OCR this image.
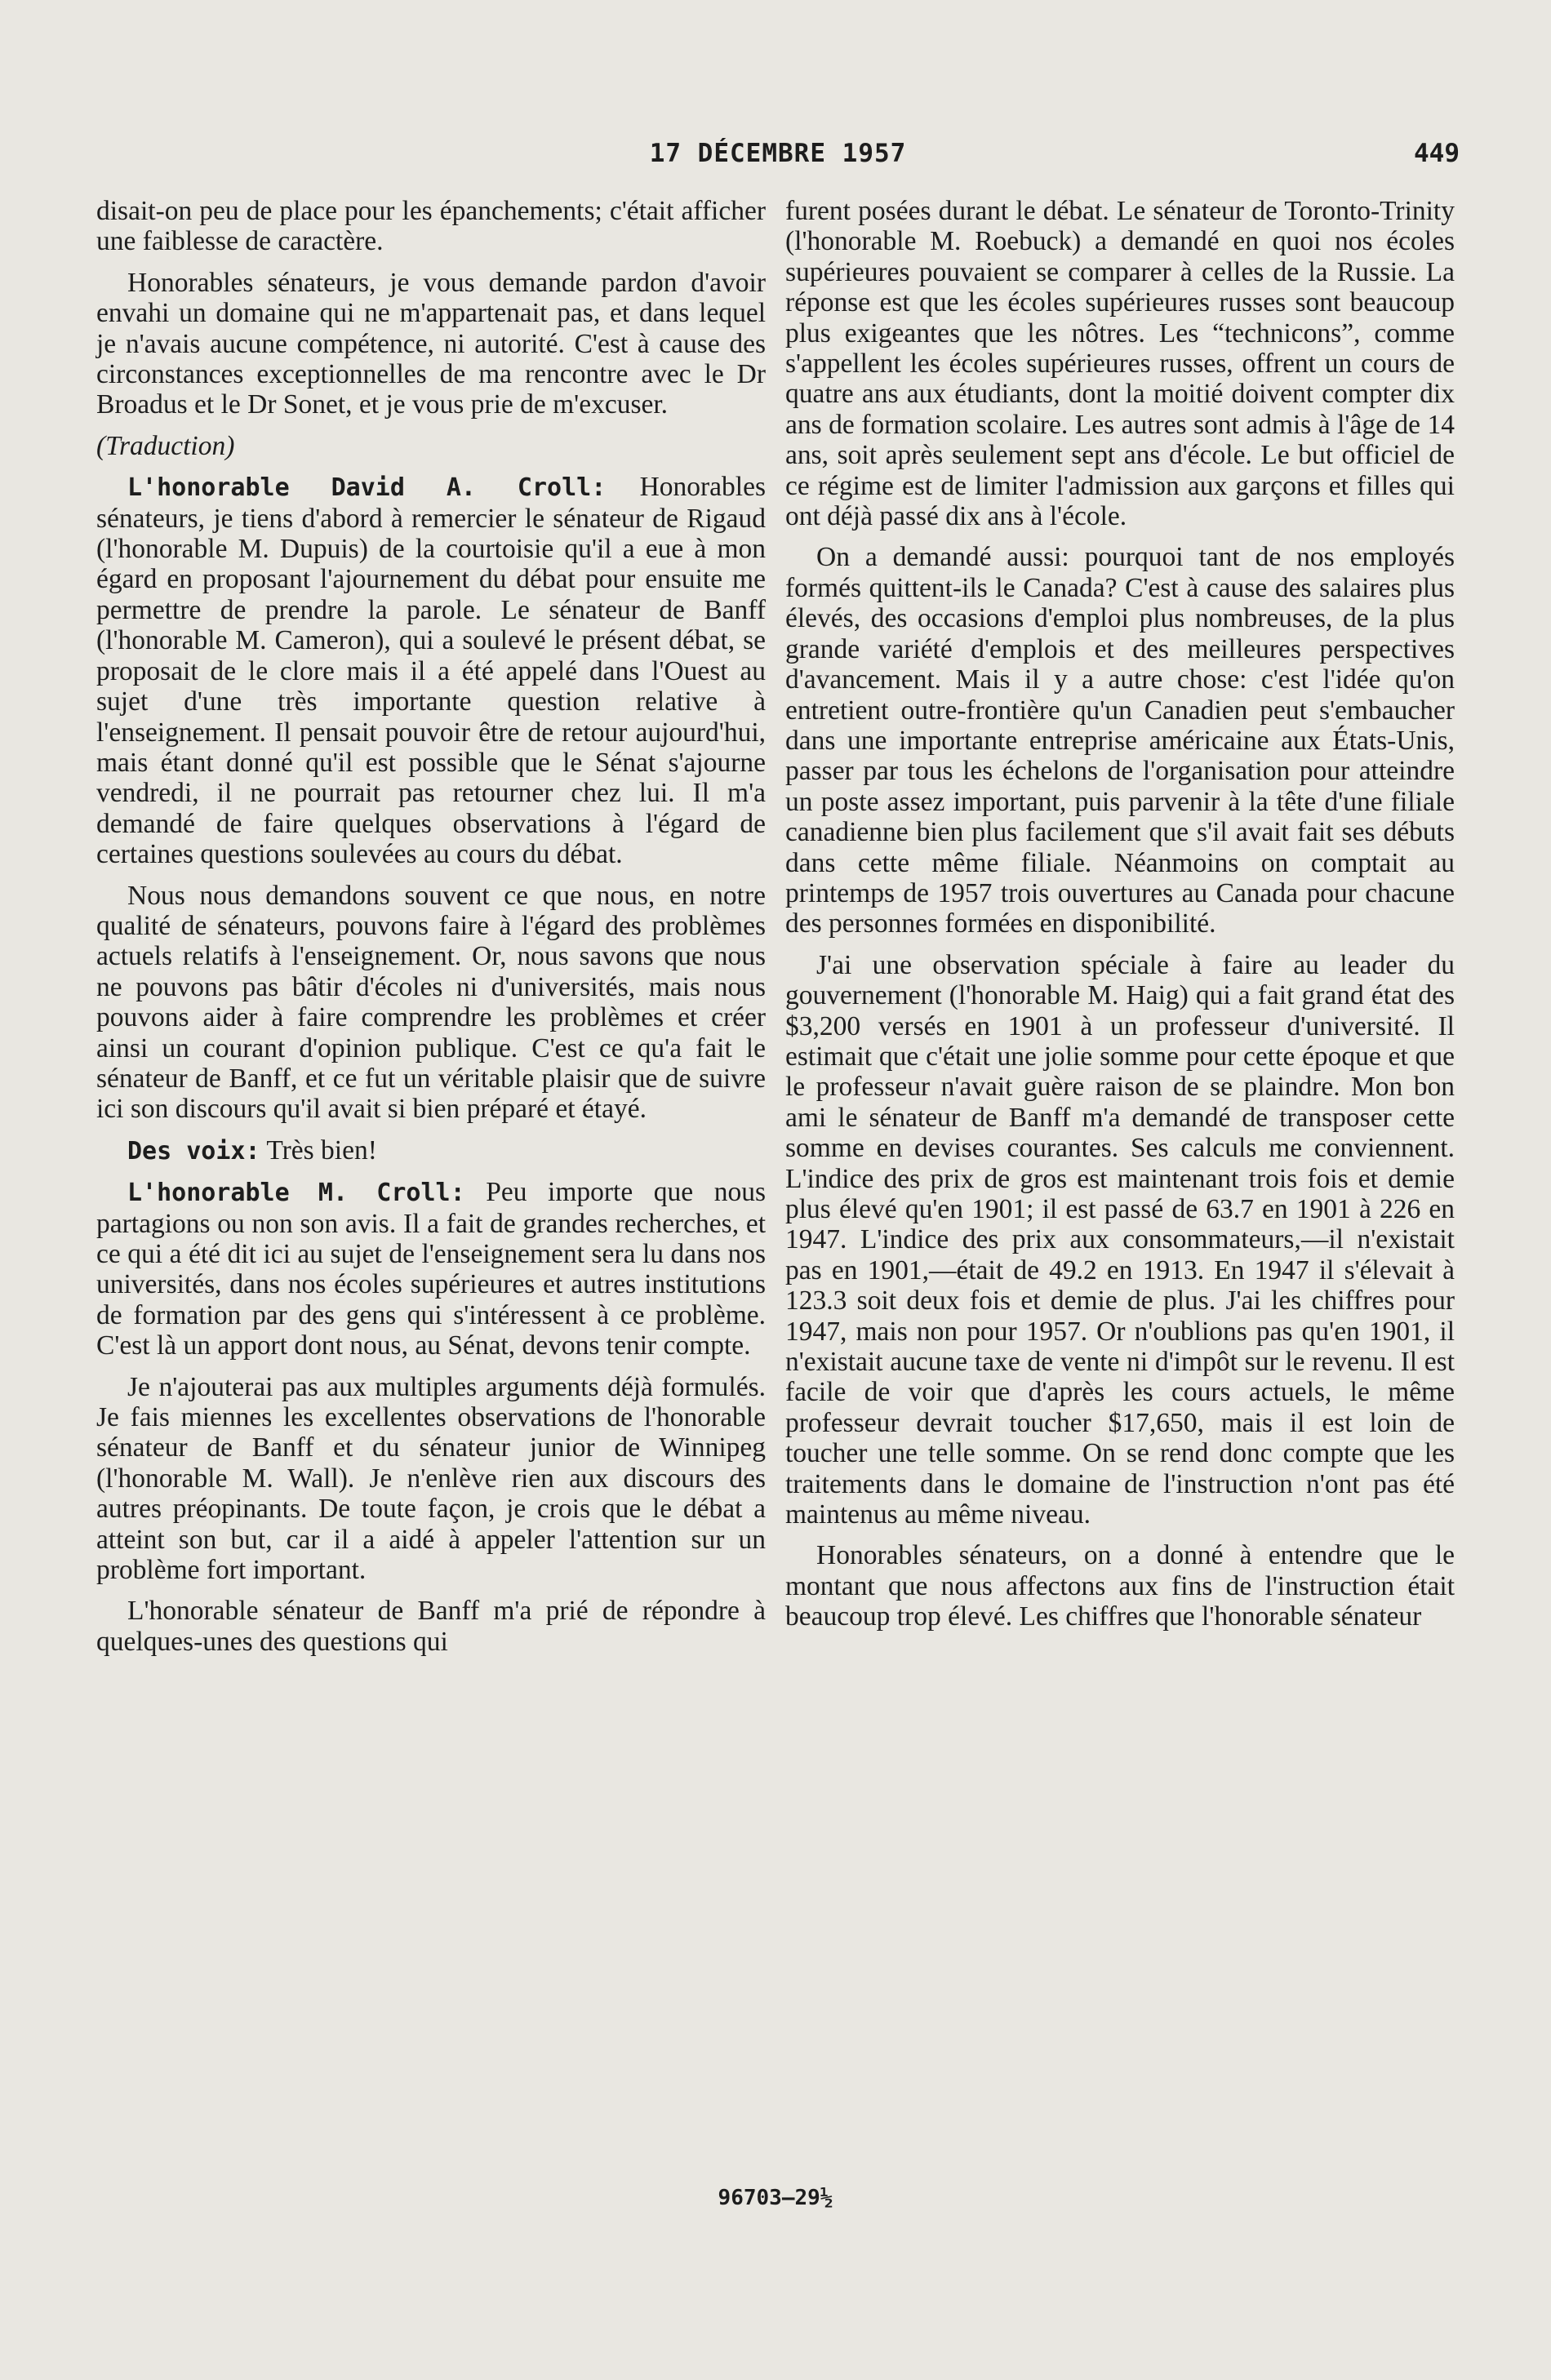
17 DÉCEMBRE 1957	449

disait-on peu de place pour les épanchements; c'était afficher une faiblesse de caractère.

Honorables sénateurs, je vous demande pardon d'avoir envahi un domaine qui ne m'appartenait pas, et dans lequel je n'avais aucune compétence, ni autorité. C'est à cause des circonstances exceptionnelles de ma rencontre avec le Dr Broadus et le Dr Sonet, et je vous prie de m'excuser.

(Traduction)

L'honorable David A. Croll: Honorables sénateurs, je tiens d'abord à remercier le sénateur de Rigaud (l'honorable M. Dupuis) de la courtoisie qu'il a eue à mon égard en proposant l'ajournement du débat pour ensuite me permettre de prendre la parole. Le sénateur de Banff (l'honorable M. Cameron), qui a soulevé le présent débat, se proposait de le clore mais il a été appelé dans l'Ouest au sujet d'une très importante question relative à l'enseignement. Il pensait pouvoir être de retour aujourd'hui, mais étant donné qu'il est possible que le Sénat s'ajourne vendredi, il ne pourrait pas retourner chez lui. Il m'a demandé de faire quelques observations à l'égard de certaines questions soulevées au cours du débat.

Nous nous demandons souvent ce que nous, en notre qualité de sénateurs, pouvons faire à l'égard des problèmes actuels relatifs à l'enseignement. Or, nous savons que nous ne pouvons pas bâtir d'écoles ni d'universités, mais nous pouvons aider à faire comprendre les problèmes et créer ainsi un courant d'opinion publique. C'est ce qu'a fait le sénateur de Banff, et ce fut un véritable plaisir que de suivre ici son discours qu'il avait si bien préparé et étayé.

Des voix: Très bien!

L'honorable M. Croll: Peu importe que nous partagions ou non son avis. Il a fait de grandes recherches, et ce qui a été dit ici au sujet de l'enseignement sera lu dans nos universités, dans nos écoles supérieures et autres institutions de formation par des gens qui s'intéressent à ce problème. C'est là un apport dont nous, au Sénat, devons tenir compte.

Je n'ajouterai pas aux multiples arguments déjà formulés. Je fais miennes les excellentes observations de l'honorable sénateur de Banff et du sénateur junior de Winnipeg (l'honorable M. Wall). Je n'enlève rien aux discours des autres préopinants. De toute façon, je crois que le débat a atteint son but, car il a aidé à appeler l'attention sur un problème fort important.

L'honorable sénateur de Banff m'a prié de répondre à quelques-unes des questions qui

furent posées durant le débat. Le sénateur de Toronto-Trinity (l'honorable M. Roebuck) a demandé en quoi nos écoles supérieures pouvaient se comparer à celles de la Russie. La réponse est que les écoles supérieures russes sont beaucoup plus exigeantes que les nôtres. Les “technicons”, comme s'appellent les écoles supérieures russes, offrent un cours de quatre ans aux étudiants, dont la moitié doivent compter dix ans de formation scolaire. Les autres sont admis à l'âge de 14 ans, soit après seulement sept ans d'école. Le but officiel de ce régime est de limiter l'admission aux garçons et filles qui ont déjà passé dix ans à l'école.

On a demandé aussi: pourquoi tant de nos employés formés quittent-ils le Canada? C'est à cause des salaires plus élevés, des occasions d'emploi plus nombreuses, de la plus grande variété d'emplois et des meilleures perspectives d'avancement. Mais il y a autre chose: c'est l'idée qu'on entretient outre-frontière qu'un Canadien peut s'embaucher dans une importante entreprise américaine aux États-Unis, passer par tous les échelons de l'organisation pour atteindre un poste assez important, puis parvenir à la tête d'une filiale canadienne bien plus facilement que s'il avait fait ses débuts dans cette même filiale. Néanmoins on comptait au printemps de 1957 trois ouvertures au Canada pour chacune des personnes formées en disponibilité.

J'ai une observation spéciale à faire au leader du gouvernement (l'honorable M. Haig) qui a fait grand état des $3,200 versés en 1901 à un professeur d'université. Il estimait que c'était une jolie somme pour cette époque et que le professeur n'avait guère raison de se plaindre. Mon bon ami le sénateur de Banff m'a demandé de transposer cette somme en devises courantes. Ses calculs me conviennent. L'indice des prix de gros est maintenant trois fois et demie plus élevé qu'en 1901; il est passé de 63.7 en 1901 à 226 en 1947. L'indice des prix aux consommateurs,—il n'existait pas en 1901,—était de 49.2 en 1913. En 1947 il s'élevait à 123.3 soit deux fois et demie de plus. J'ai les chiffres pour 1947, mais non pour 1957. Or n'oublions pas qu'en 1901, il n'existait aucune taxe de vente ni d'impôt sur le revenu. Il est facile de voir que d'après les cours actuels, le même professeur devrait toucher $17,650, mais il est loin de toucher une telle somme. On se rend donc compte que les traitements dans le domaine de l'instruction n'ont pas été maintenus au même niveau.

Honorables sénateurs, on a donné à entendre que le montant que nous affectons aux fins de l'instruction était beaucoup trop élevé. Les chiffres que l'honorable sénateur

96703—29½
